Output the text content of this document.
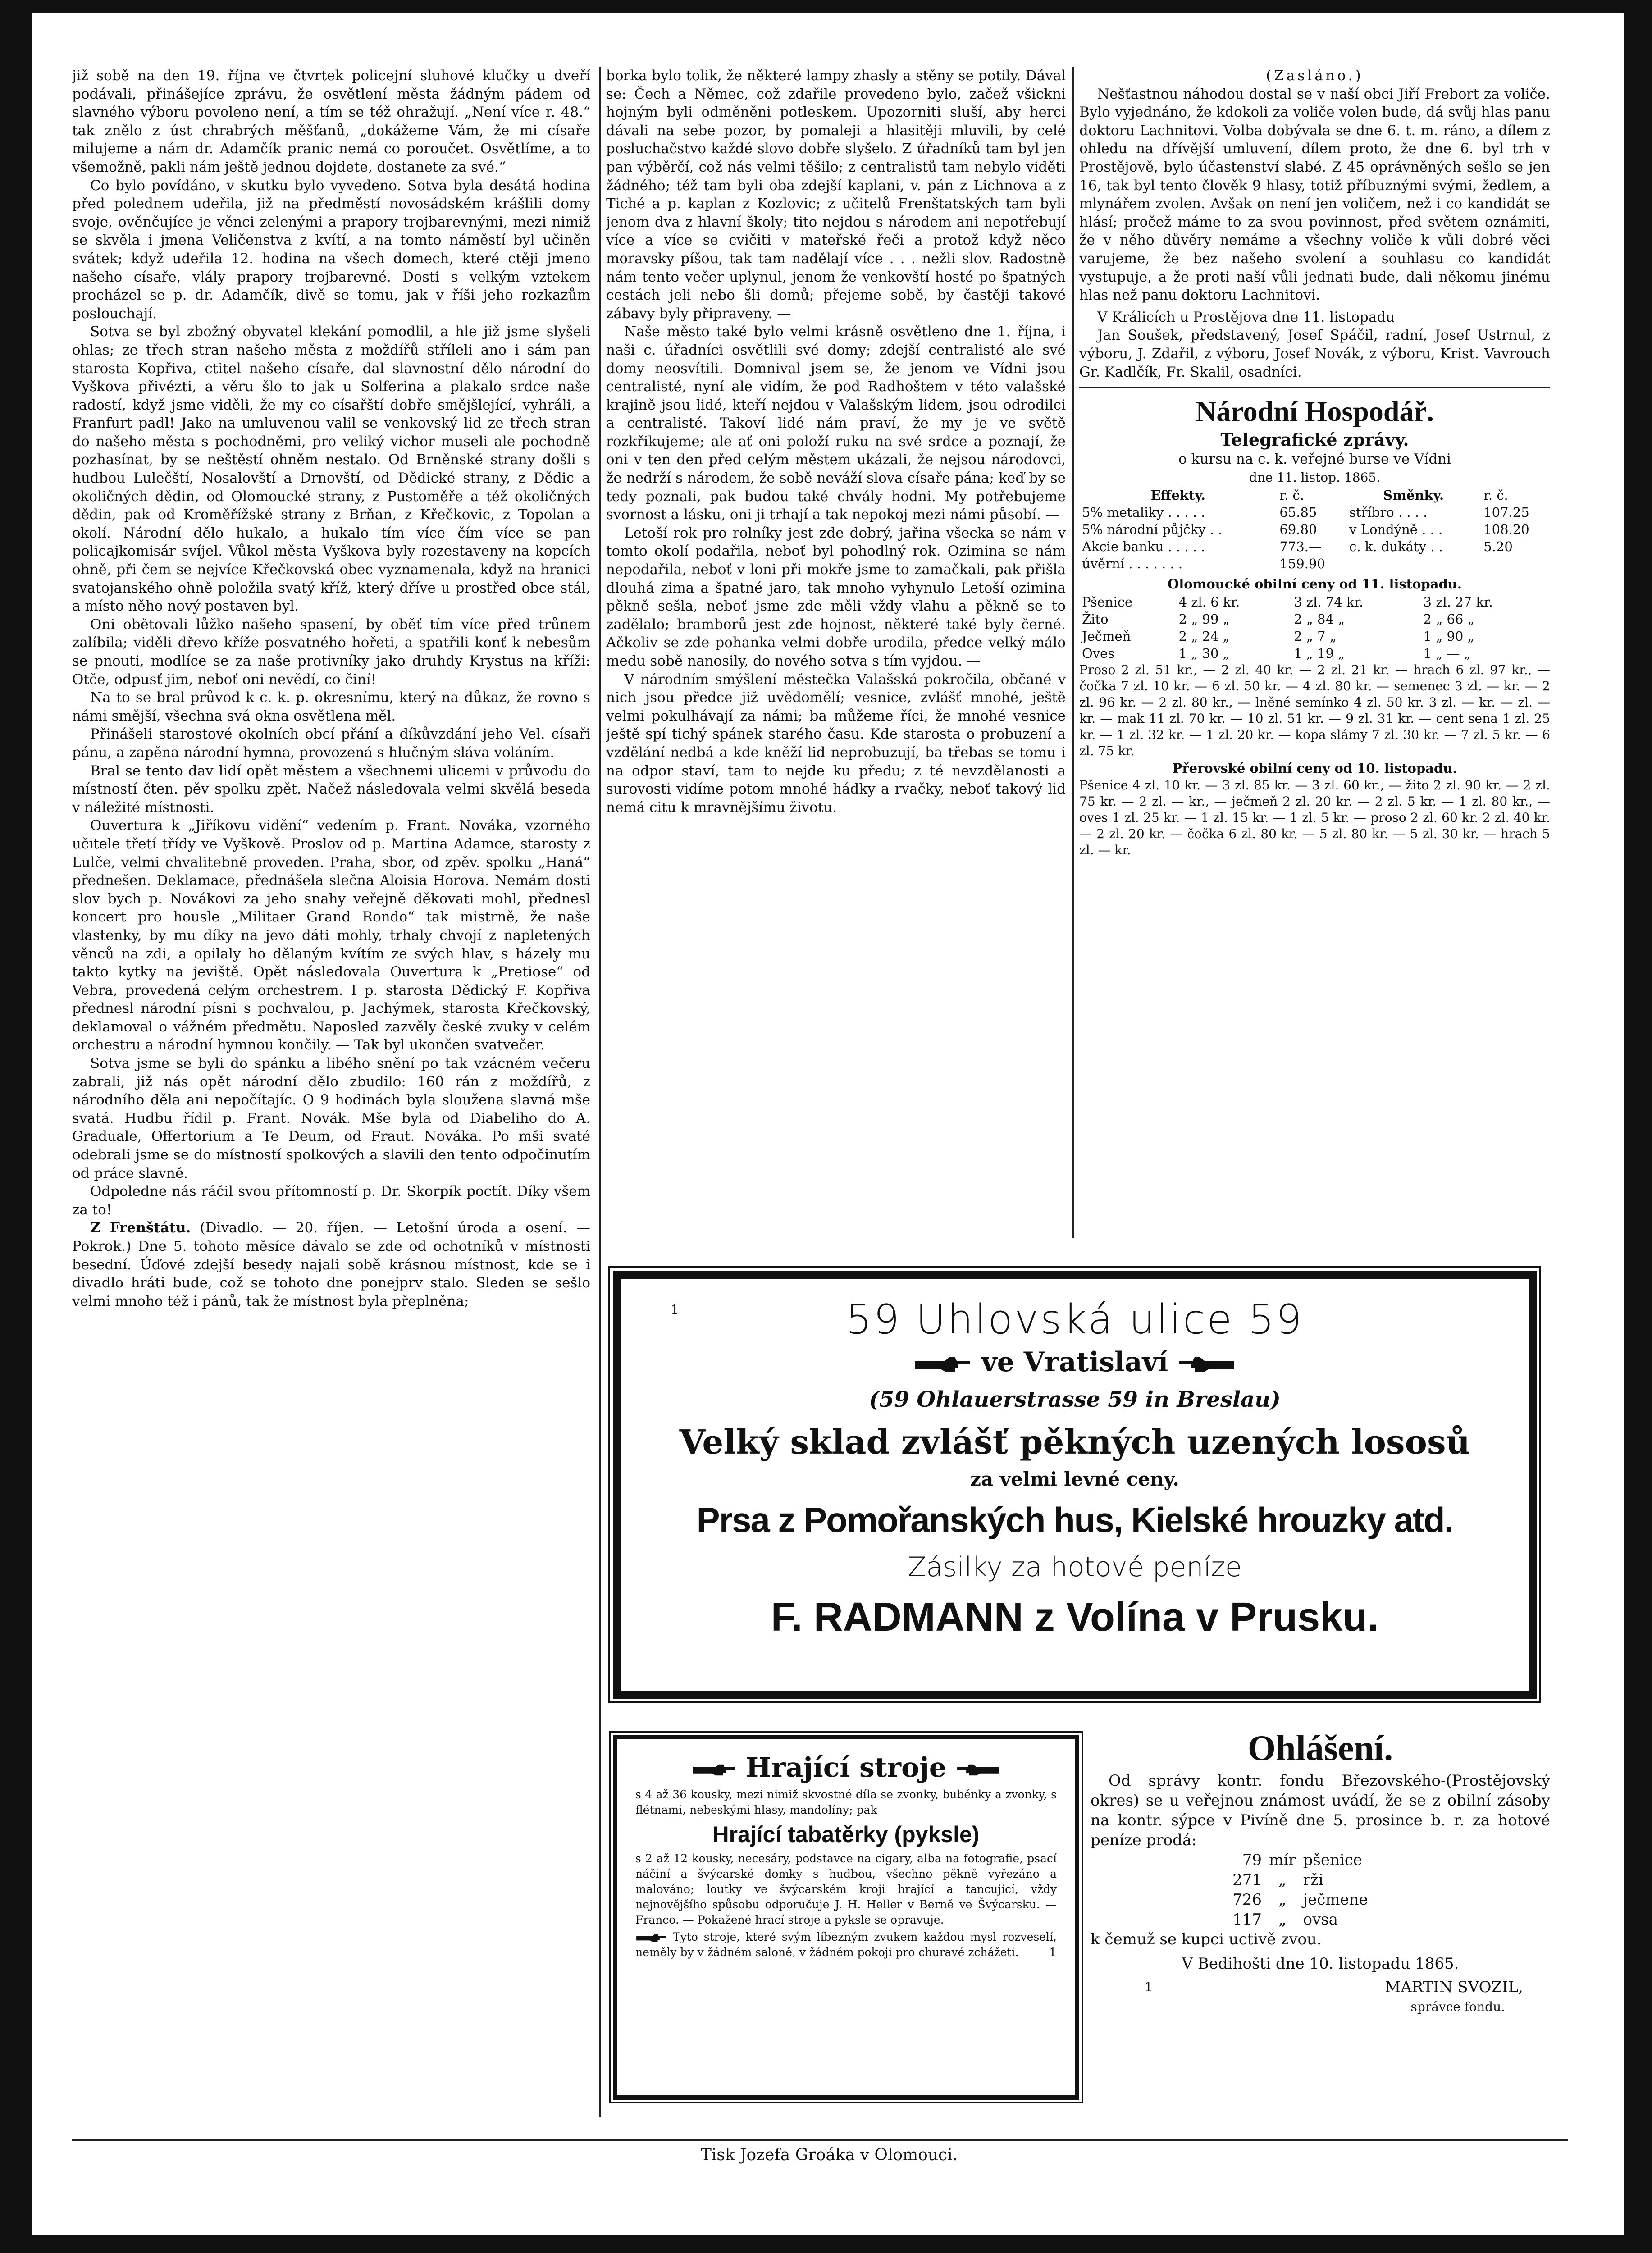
již sobě na den 19. října ve čtvrtek policejní sluhové klučky u dveří podávali, přinášejíce zprávu, že osvětlení města žádným pádem od slavného výboru povoleno není, a tím se též ohražují. „Není více r. 48.“ tak znělo z úst chrabrých měšťanů, „dokážeme Vám, že mi císaře milujeme a nám dr. Adamčík pranic nemá co poroučet. Osvětlíme, a to všemožně, pakli nám ještě jednou dojdete, dostanete za své.“

Co bylo povídáno, v skutku bylo vyvedeno. Sotva byla desátá hodina před polednem udeřila, již na předměstí novosádském krášlili domy svoje, ověnčujíce je věnci zelenými a prapory trojbarevnými, mezi nimiž se skvěla i jmena Veličenstva z kvítí, a na tomto náměstí byl učiněn svátek; když udeřila 12. hodina na všech domech, které ctěji jmeno našeho císaře, vlály prapory trojbarevné. Dosti s velkým vztekem procházel se p. dr. Adamčík, divě se tomu, jak v říši jeho rozkazům poslouchají.

Sotva se byl zbožný obyvatel klekání pomodlil, a hle již jsme slyšeli ohlas; ze třech stran našeho města z moždířů stříleli ano i sám pan starosta Kopřiva, ctitel našeho císaře, dal slavnostní dělo národní do Vyškova přivézti, a věru šlo to jak u Solferina a plakalo srdce naše radostí, když jsme viděli, že my co císařští dobře smějšlející, vyhráli, a Franfurt padl! Jako na umluvenou valil se venkovský lid ze třech stran do našeho města s pochodněmi, pro veliký vichor museli ale pochodně pozhasínat, by se neštěstí ohněm nestalo. Od Brněnské strany došli s hudbou Lulečští, Nosalovští a Drnovští, od Dědické strany, z Dědic a okoličných dědin, od Olomoucké strany, z Pustoměře a též okoličných dědin, pak od Kroměřížské strany z Brňan, z Křečkovic, z Topolan a okolí. Národní dělo hukalo, a hukalo tím více čím více se pan policajkomisár svíjel. Vůkol města Vyškova byly rozestaveny na kopcích ohně, při čem se nejvíce Křečkovská obec vyznamenala, když na hranici svatojanského ohně položila svatý kříž, který dříve u prostřed obce stál, a místo něho nový postaven byl.

Oni obětovali lůžko našeho spasení, by oběť tím více před trůnem zalíbila; viděli dřevo kříže posvatného hořeti, a spatřili konť k nebesům se pnouti, modlíce se za naše protivníky jako druhdy Krystus na kříži: Otče, odpusť jim, neboť oni nevědí, co činí!

Na to se bral průvod k c. k. p. okresnímu, který na důkaz, že rovno s námi smější, všechna svá okna osvětlena měl.

Přinášeli starostové okolních obcí přání a díkůvzdání jeho Vel. císaři pánu, a zapěna národní hymna, provozená s hlučným sláva voláním.

Bral se tento dav lidí opět městem a všechnemi ulicemi v průvodu do místností čten. pěv spolku zpět. Načež následovala velmi skvělá beseda v náležité místnosti.

Ouvertura k „Jiříkovu vidění“ vedením p. Frant. Nováka, vzorného učitele třetí třídy ve Vyškově. Proslov od p. Martina Adamce, starosty z Lulče, velmi chvalitebně proveden. Praha, sbor, od zpěv. spolku „Haná“ přednešen. Deklamace, přednášela slečna Aloisia Horova. Nemám dosti slov bych p. Novákovi za jeho snahy veřejně děkovati mohl, přednesl koncert pro housle „Militaer Grand Rondo“ tak mistrně, že naše vlastenky, by mu díky na jevo dáti mohly, trhaly chvojí z napletených věnců na zdi, a opilaly ho dělaným kvítím ze svých hlav, s házely mu takto kytky na jeviště. Opět následovala Ouvertura k „Pretiose“ od Vebra, provedená celým orchestrem. I p. starosta Dědický F. Kopřiva přednesl národní písni s pochvalou, p. Jachýmek, starosta Křečkovský, deklamoval o vážném předmětu. Naposled zazvěly české zvuky v celém orchestru a národní hymnou končily. — Tak byl ukončen svatvečer.

Sotva jsme se byli do spánku a libého snění po tak vzácném večeru zabrali, již nás opět národní dělo zbudilo: 160 rán z moždířů, z národního děla ani nepočítajíc. O 9 hodinách byla sloužena slavná mše svatá. Hudbu řídil p. Frant. Novák. Mše byla od Diabeliho do A. Graduale, Offertorium a Te Deum, od Fraut. Nováka. Po mši svaté odebrali jsme se do místností spolkových a slavili den tento odpočinutím od práce slavně.

Odpoledne nás ráčil svou přítomností p. Dr. Skorpík poctít. Díky všem za to!

Z Frenštátu. (Divadlo. — 20. říjen. — Letošní úroda a osení. — Pokrok.) Dne 5. tohoto měsíce dávalo se zde od ochotníků v místnosti besední. Úďové zdejší besedy najali sobě krásnou místnost, kde se i divadlo hráti bude, což se tohoto dne ponejprv stalo. Sleden se sešlo velmi mnoho též i pánů, tak že místnost byla přeplněna;

borka bylo tolik, že některé lampy zhasly a stěny se potily. Dával se: Čech a Němec, což zdařile provedeno bylo, začež všickni hojným byli odměněni potleskem. Upozorniti sluší, aby herci dávali na sebe pozor, by pomaleji a hlasitěji mluvili, by celé posluchačstvo každé slovo dobře slyšelo. Z úřadníků tam byl jen pan výběrčí, což nás velmi těšilo; z centralistů tam nebylo viděti žádného; též tam byli oba zdejší kaplani, v. pán z Lichnova a z Tiché a p. kaplan z Kozlovic; z učitelů Frenštatských tam byli jenom dva z hlavní školy; tito nejdou s národem ani nepotřebují více a více se cvičiti v mateřské řeči a protož když něco moravsky píšou, tak tam nadělají více . . . nežli slov. Radostně nám tento večer uplynul, jenom že venkovští hosté po špatných cestách jeli nebo šli domů; přejeme sobě, by častěji takové zábavy byly připraveny. —

Naše město také bylo velmi krásně osvětleno dne 1. října, i naši c. úřadníci osvětlili své domy; zdejší centralisté ale své domy neosvítili. Domnival jsem se, že jenom ve Vídni jsou centralisté, nyní ale vidím, že pod Radhoštem v této valašské krajině jsou lidé, kteří nejdou v Valašským lidem, jsou odrodilci a centralisté. Takoví lidé nám praví, že my je ve světě rozkřikujeme; ale ať oni položí ruku na své srdce a poznají, že oni v ten den před celým městem ukázali, že nejsou národovci, že nedrží s národem, že sobě neváží slova císaře pána; keď by se tedy poznali, pak budou také chvály hodni. My potřebujeme svornost a lásku, oni ji trhají a tak nepokoj mezi námi působí. —

Letoší rok pro rolníky jest zde dobrý, jařina všecka se nám v tomto okolí podařila, neboť byl pohodlný rok. Ozimina se nám nepodařila, neboť v loni při mokře jsme to zamačkali, pak přišla dlouhá zima a špatné jaro, tak mnoho vyhynulo Letoší ozimina pěkně sešla, neboť jsme zde měli vždy vlahu a pěkně se to zadělalo; bramborů jest zde hojnost, některé také byly černé. Ačkoliv se zde pohanka velmi dobře urodila, předce velký málo medu sobě nanosily, do nového sotva s tím vyjdou. —

V národním smýšlení městečka Valašská pokročila, občané v nich jsou předce již uvědomělí; vesnice, zvlášť mnohé, ještě velmi pokulhávají za námi; ba můžeme říci, že mnohé vesnice ještě spí tichý spánek starého času. Kde starosta o probuzení a vzdělání nedbá a kde kněží lid neprobuzují, ba třebas se tomu i na odpor staví, tam to nejde ku předu; z té nevzdělanosti a surovosti vidíme potom mnohé hádky a rvačky, neboť takový lid nemá citu k mravnějšímu životu.

(Zasláno.)

Nešťastnou náhodou dostal se v naší obci Jiří Frebort za voliče. Bylo vyjednáno, že kdokoli za voliče volen bude, dá svůj hlas panu doktoru Lachnitovi. Volba dobývala se dne 6. t. m. ráno, a dílem z ohledu na dřívější umluvení, dílem proto, že dne 6. byl trh v Prostějově, bylo účastenství slabé. Z 45 oprávněných sešlo se jen 16, tak byl tento člověk 9 hlasy, totiž příbuznými svými, žedlem, a mlynářem zvolen. Avšak on není jen voličem, než i co kandidát se hlásí; pročež máme to za svou povinnost, před světem oznámiti, že v něho důvěry nemáme a všechny voliče k vůli dobré věci varujeme, že bez našeho svolení a souhlasu co kandidát vystupuje, a že proti naší vůli jednati bude, dali někomu jinému hlas než panu doktoru Lachnitovi.

V Králicích u Prostějova dne 11. listopadu

Jan Soušek, představený, Josef Spáčil, radní, Josef Ustrnul, z výboru, J. Zdařil, z výboru, Josef Novák, z výboru, Krist. Vavrouch Gr. Kadlčík, Fr. Skalil, osadníci.

Národní Hospodář.
Telegrafické zprávy.
o kursu na c. k. veřejné burse ve Vídni
dne 11. listop. 1865.
Effekty.	r. č.	Směnky.	r. č.
5% metaliky . . . . .	65.85	stříbro . . . .	107.25
5% národní půjčky . .	69.80	v Londýně . . .	108.20
Akcie banku . . . . .	773.—	c. k. dukáty . .	5.20
úvěrní . . . . . . .	159.90		
Olomoucké obilní ceny od 11. listopadu.
Pšenice	4 zl. 6 kr.	3 zl. 74 kr.	3 zl. 27 kr.
Žito	2 „ 99 „	2 „ 84 „	2 „ 66 „
Ječmeň	2 „ 24 „	2 „ 7 „	1 „ 90 „
Oves	1 „ 30 „	1 „ 19 „	1 „ — „

Proso 2 zl. 51 kr., — 2 zl. 40 kr. — 2 zl. 21 kr. — hrach 6 zl. 97 kr., — čočka 7 zl. 10 kr. — 6 zl. 50 kr. — 4 zl. 80 kr. — semenec 3 zl. — kr. — 2 zl. 96 kr. — 2 zl. 80 kr., — lněné semínko 4 zl. 50 kr. 3 zl. — kr. — zl. — kr. — mak 11 zl. 70 kr. — 10 zl. 51 kr. — 9 zl. 31 kr. — cent sena 1 zl. 25 kr. — 1 zl. 32 kr. — 1 zl. 20 kr. — kopa slámy 7 zl. 30 kr. — 7 zl. 5 kr. — 6 zl. 75 kr.

Přerovské obilní ceny od 10. listopadu.

Pšenice 4 zl. 10 kr. — 3 zl. 85 kr. — 3 zl. 60 kr., — žito 2 zl. 90 kr. — 2 zl. 75 kr. — 2 zl. — kr., — ječmeň 2 zl. 20 kr. — 2 zl. 5 kr. — 1 zl. 80 kr., — oves 1 zl. 25 kr. — 1 zl. 15 kr. — 1 zl. 5 kr. — proso 2 zl. 60 kr. 2 zl. 40 kr. — 2 zl. 20 kr. — čočka 6 zl. 80 kr. — 5 zl. 80 kr. — 5 zl. 30 kr. — hrach 5 zl. — kr.

1	59 Uhlovská ulice 59
ve Vratislaví
(59 Ohlauerstrasse 59 in Breslau)
Velký sklad zvlášť pěkných uzených lososů
za velmi levné ceny.
Prsa z Pomořanských hus, Kielské hrouzky atd.
Zásilky za hotové peníze
F. RADMANN z Volína v Prusku.
Hrající stroje

s 4 až 36 kousky, mezi nimiž skvostné díla se zvonky, bubénky a zvonky, s flétnami, nebeskými hlasy, mandolíny; pak

Hrající tabatěrky (pyksle)

s 2 až 12 kousky, necesáry, podstavce na cigary, alba na fotografie, psací náčiní a švýcarské domky s hudbou, všechno pěkně vyřezáno a malováno; loutky ve švýcarském kroji hrající a tancující, vždy nejnovějšího spůsobu odporučuje J. H. Heller v Berně ve Švýcarsku. — Franco. — Pokažené hrací stroje a pyksle se opravuje.

Tyto stroje, které svým líbezným zvukem každou mysl rozveselí, neměly by v žádném saloně, v žádném pokoji pro churavé zchážeti.	1

Ohlášení.

Od správy kontr. fondu Březovského-(Prostějovský okres) se u veřejnou známost uvádí, že se z obilní zásoby na kontr. sýpce v Pivíně dne 5. prosince b. r. za hotové peníze prodá:

79 mír pšenice
271 „ rži
726 „ ječmene
117 „ ovsa

k čemuž se kupci uctivě zvou.

V Bedihošti dne 10. listopadu 1865.

1	MARTIN SVOZIL,

správce fondu.

Tisk Jozefa Groáka v Olomouci.
